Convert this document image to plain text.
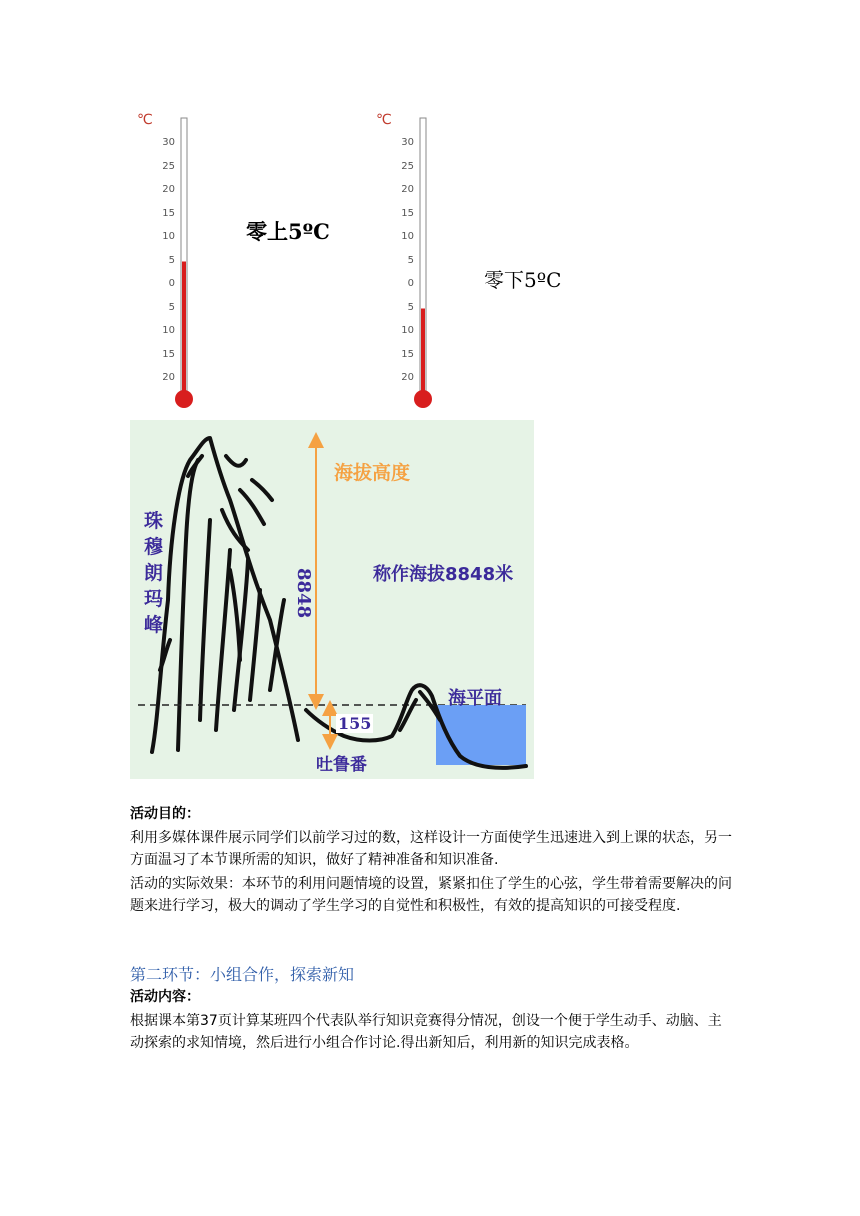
℃
30
25
20
15
10
5
0
5
10
15
20
零上5ºC
℃
30
25
20
15
10
5
0
5
10
15
20
零下5ºC
珠
穆
朗
玛
峰
海拔高度
8848	称作海拔8848米
海平面
155
吐鲁番
活动目的：
利用多媒体课件展示同学们以前学习过的数，这样设计一方面使学生迅速进入到上课的状态，另一方面温习了本节课所需的知识，做好了精神准备和知识准备.
活动的实际效果：本环节的利用问题情境的设置，紧紧扣住了学生的心弦，学生带着需要解决的问题来进行学习，极大的调动了学生学习的自觉性和积极性，有效的提高知识的可接受程度.
第二环节：小组合作，探索新知
活动内容：
根据课本第37页计算某班四个代表队举行知识竞赛得分情况，创设一个便于学生动手、动脑、主动探索的求知情境，然后进行小组合作讨论.得出新知后，利用新的知识完成表格。
